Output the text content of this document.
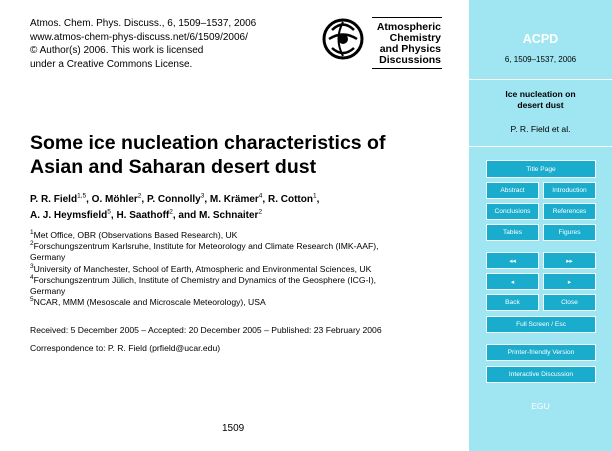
Atmos. Chem. Phys. Discuss., 6, 1509–1537, 2006
www.atmos-chem-phys-discuss.net/6/1509/2006/
© Author(s) 2006. This work is licensed
under a Creative Commons License.
Atmospheric
Chemistry
and Physics
Discussions
Some ice nucleation characteristics of
Asian and Saharan desert dust
P. R. Field$^{1,5}$, O. Möhler$^2$, P. Connolly$^3$, M. Krämer$^4$, R. Cotton$^1$,
A. J. Heymsfield$^5$, H. Saathoff$^2$, and M. Schnaiter$^2$
$^1$Met Office, OBR (Observations Based Research), UK
$^2$Forschungszentrum Karlsruhe, Institute for Meteorology and Climate Research (IMK-AAF),
Germany
$^3$University of Manchester, School of Earth, Atmospheric and Environmental Sciences, UK
$^4$Forschungszentrum Jülich, Institute of Chemistry and Dynamics of the Geosphere (ICG-I),
Germany
$^5$NCAR, MMM (Mesoscale and Microscale Meteorology), USA
Received: 5 December 2005 – Accepted: 20 December 2005 – Published: 23 February 2006
Correspondence to: P. R. Field (prfield@ucar.edu)
1509
ACPD
6, 1509–1537, 2006
Ice nucleation on
desert dust
P. R. Field et al.
Title Page
Abstract	Introduction
Conclusions	References
Tables	Figures
◂◂	▸▸
◂	▸
Back	Close
Full Screen / Esc
Printer-friendly Version
Interactive Discussion
EGU
